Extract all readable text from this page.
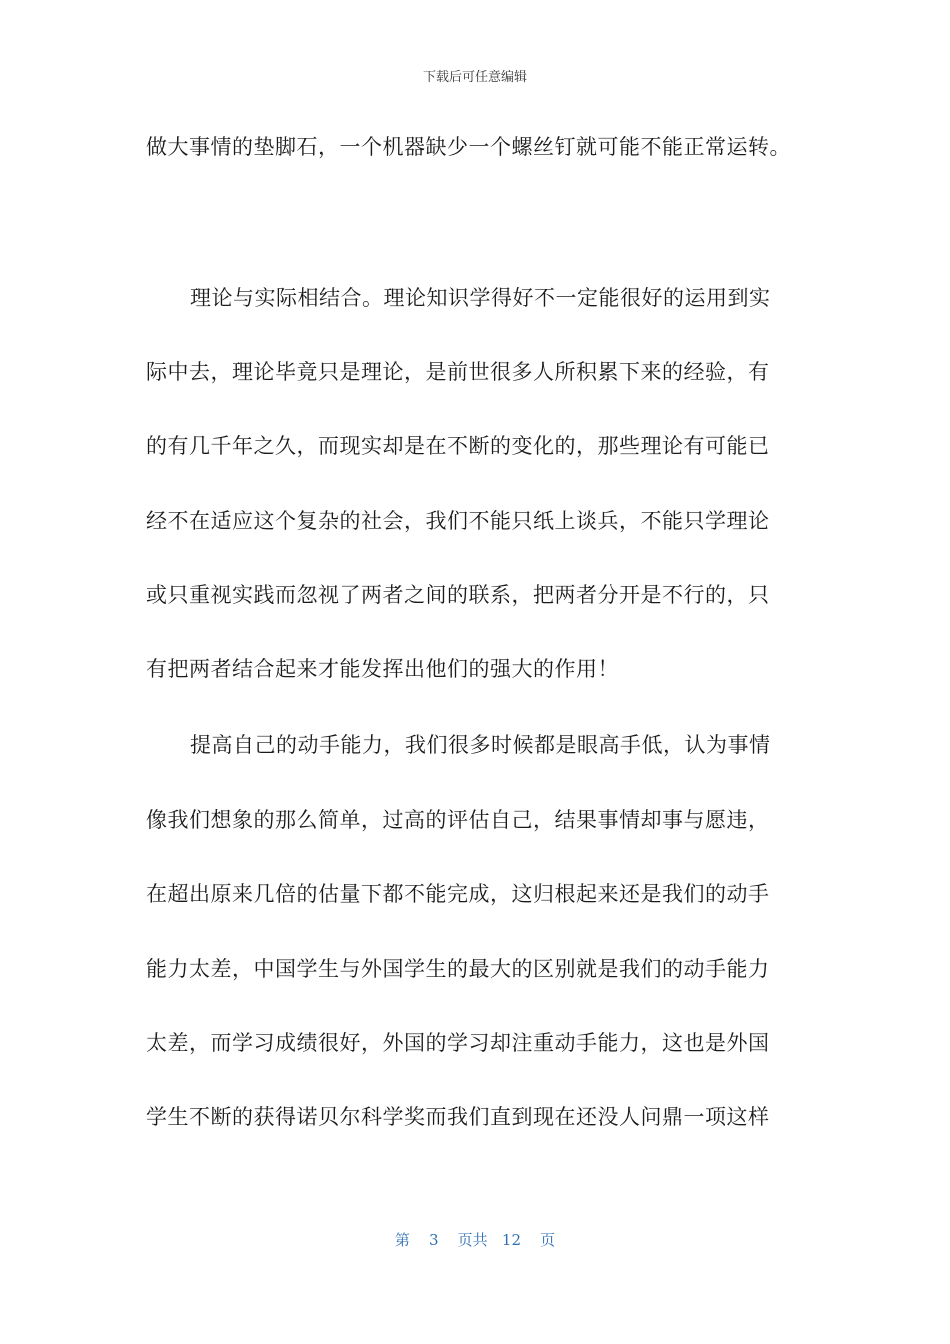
下载后可任意编辑
做大事情的垫脚石，一个机器缺少一个螺丝钉就可能不能正常运转。
理论与实际相结合。理论知识学得好不一定能很好的运用到实
际中去，理论毕竟只是理论，是前世很多人所积累下来的经验，有
的有几千年之久，而现实却是在不断的变化的，那些理论有可能已
经不在适应这个复杂的社会，我们不能只纸上谈兵，不能只学理论
或只重视实践而忽视了两者之间的联系，把两者分开是不行的，只
有把两者结合起来才能发挥出他们的强大的作用！
提高自己的动手能力，我们很多时候都是眼高手低，认为事情
像我们想象的那么简单，过高的评估自己，结果事情却事与愿违，
在超出原来几倍的估量下都不能完成，这归根起来还是我们的动手
能力太差，中国学生与外国学生的最大的区别就是我们的动手能力
太差，而学习成绩很好，外国的学习却注重动手能力，这也是外国
学生不断的获得诺贝尔科学奖而我们直到现在还没人问鼎一项这样
第 3 页共 12 页
